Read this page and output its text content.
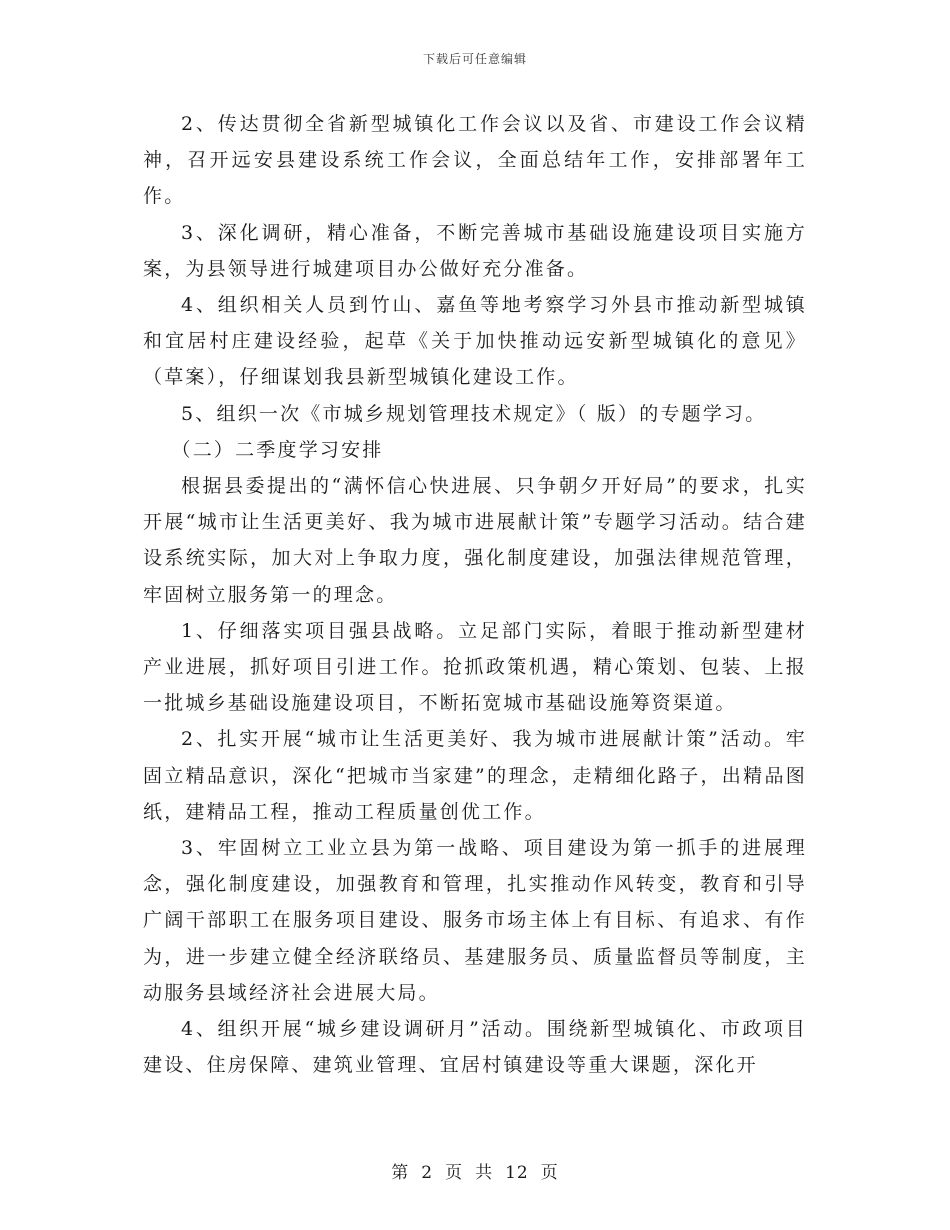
下载后可任意编辑

2、传达贯彻全省新型城镇化工作会议以及省、市建设工作会议精神，召开远安县建设系统工作会议，全面总结年工作，安排部署年工作。

3、深化调研，精心准备，不断完善城市基础设施建设项目实施方案，为县领导进行城建项目办公做好充分准备。

4、组织相关人员到竹山、嘉鱼等地考察学习外县市推动新型城镇和宜居村庄建设经验，起草《关于加快推动远安新型城镇化的意见》（草案），仔细谋划我县新型城镇化建设工作。

5、组织一次《市城乡规划管理技术规定》（ 版）的专题学习。

（二）二季度学习安排

根据县委提出的“满怀信心快进展、只争朝夕开好局”的要求，扎实开展“城市让生活更美好、我为城市进展献计策”专题学习活动。结合建设系统实际，加大对上争取力度，强化制度建设，加强法律规范管理，牢固树立服务第一的理念。

1、仔细落实项目强县战略。立足部门实际，着眼于推动新型建材产业进展，抓好项目引进工作。抢抓政策机遇，精心策划、包装、上报一批城乡基础设施建设项目，不断拓宽城市基础设施筹资渠道。

2、扎实开展“城市让生活更美好、我为城市进展献计策”活动。牢固立精品意识，深化“把城市当家建”的理念，走精细化路子，出精品图纸，建精品工程，推动工程质量创优工作。

3、牢固树立工业立县为第一战略、项目建设为第一抓手的进展理念，强化制度建设，加强教育和管理，扎实推动作风转变，教育和引导广阔干部职工在服务项目建设、服务市场主体上有目标、有追求、有作为，进一步建立健全经济联络员、基建服务员、质量监督员等制度，主动服务县域经济社会进展大局。

4、组织开展“城乡建设调研月”活动。围绕新型城镇化、市政项目建设、住房保障、建筑业管理、宜居村镇建设等重大课题，深化开

第 2 页 共 12 页
